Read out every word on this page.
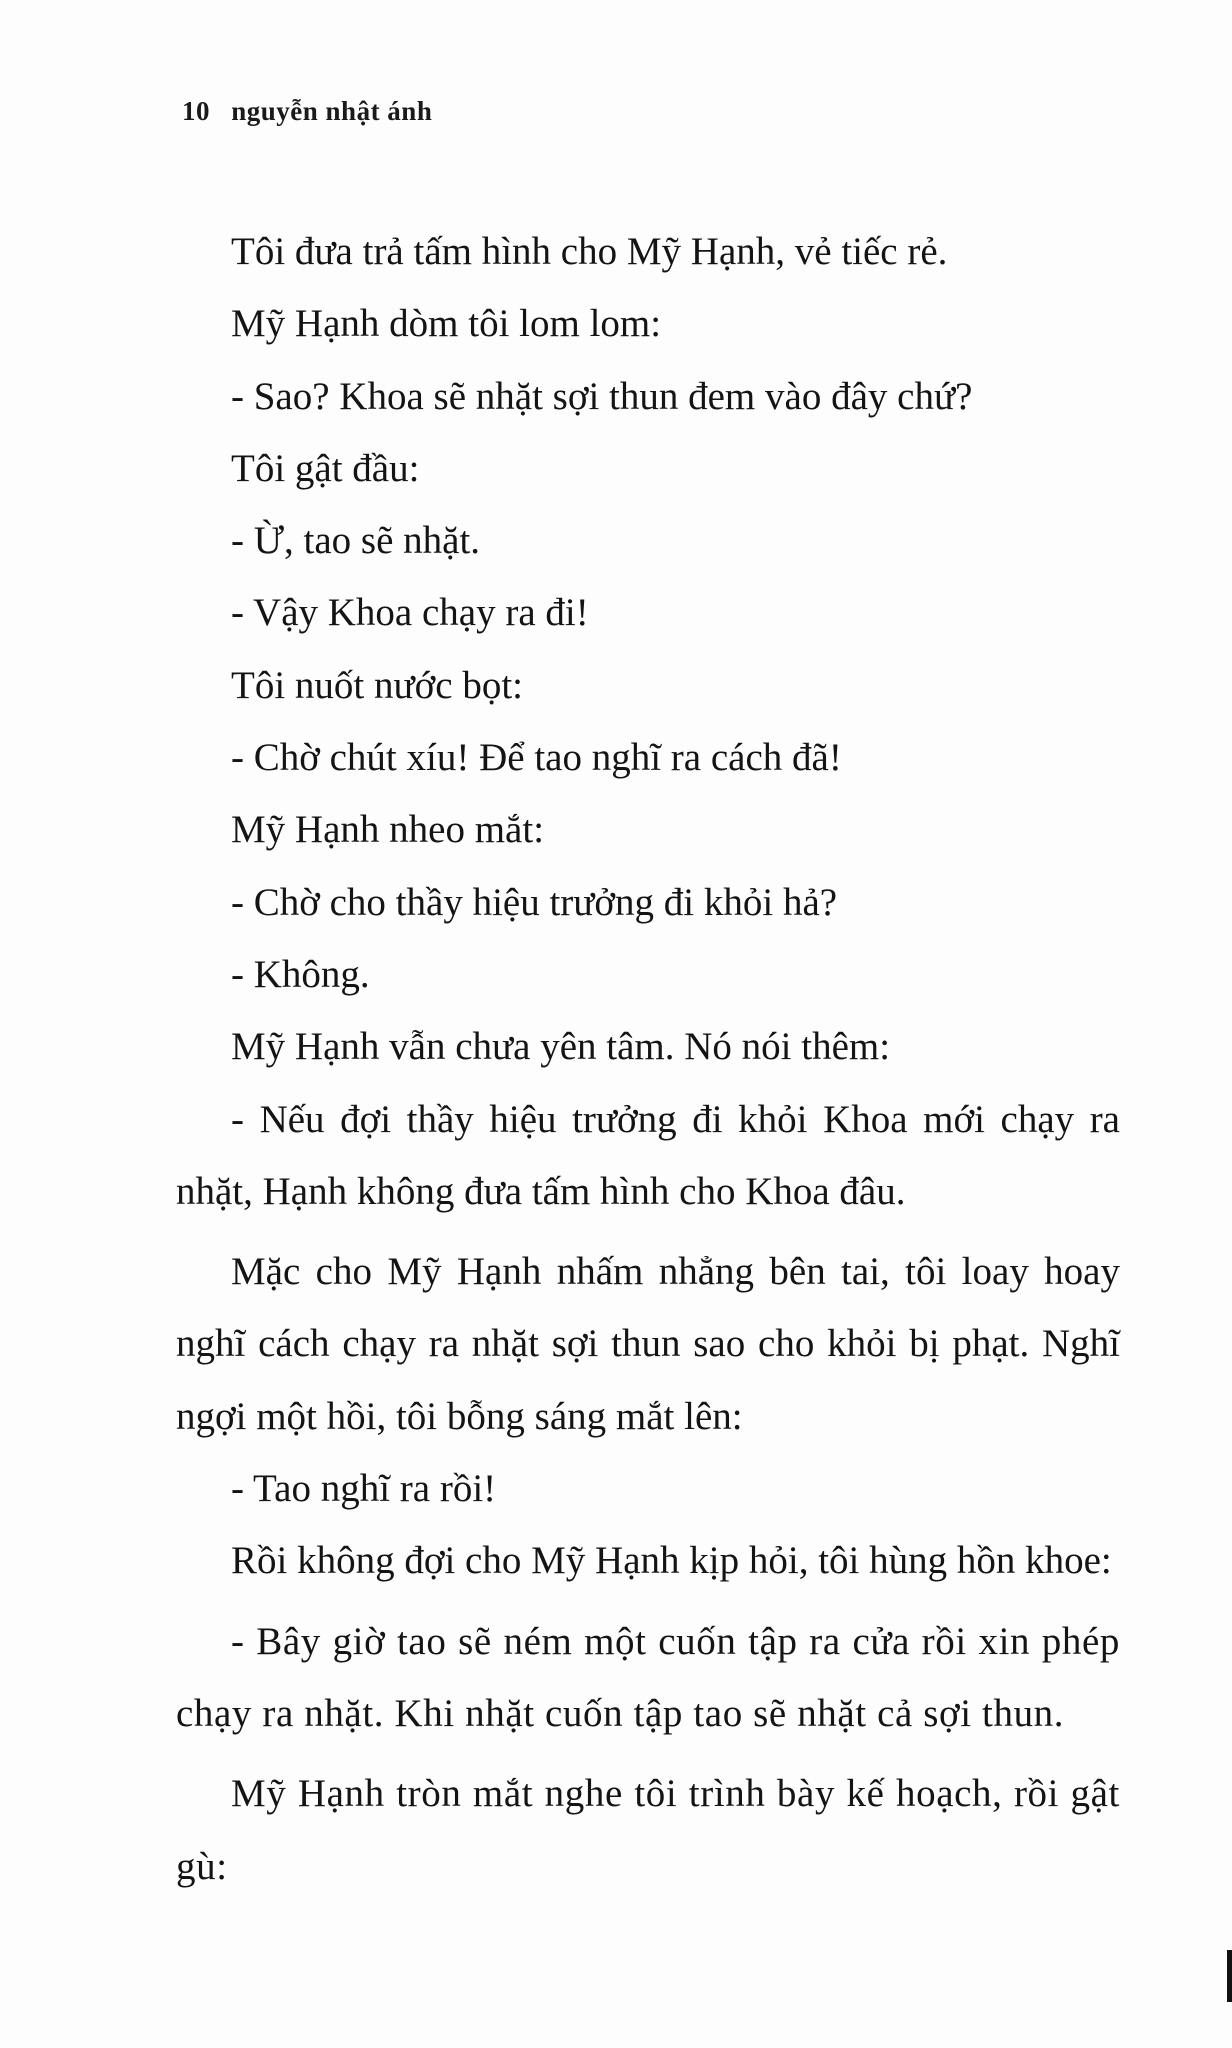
10 nguyễn nhật ánh

Tôi đưa trả tấm hình cho Mỹ Hạnh, vẻ tiếc rẻ.

Mỹ Hạnh dòm tôi lom lom:

- Sao? Khoa sẽ nhặt sợi thun đem vào đây chứ?

Tôi gật đầu:

- Ừ, tao sẽ nhặt.

- Vậy Khoa chạy ra đi!

Tôi nuốt nước bọt:

- Chờ chút xíu! Để tao nghĩ ra cách đã!

Mỹ Hạnh nheo mắt:

- Chờ cho thầy hiệu trưởng đi khỏi hả?

- Không.

Mỹ Hạnh vẫn chưa yên tâm. Nó nói thêm:

- Nếu đợi thầy hiệu trưởng đi khỏi Khoa mới chạy ra nhặt, Hạnh không đưa tấm hình cho Khoa đâu.

Mặc cho Mỹ Hạnh nhấm nhẳng bên tai, tôi loay hoay nghĩ cách chạy ra nhặt sợi thun sao cho khỏi bị phạt. Nghĩ ngợi một hồi, tôi bỗng sáng mắt lên:

- Tao nghĩ ra rồi!

Rồi không đợi cho Mỹ Hạnh kịp hỏi, tôi hùng hồn khoe:

- Bây giờ tao sẽ ném một cuốn tập ra cửa rồi xin phép chạy ra nhặt. Khi nhặt cuốn tập tao sẽ nhặt cả sợi thun.

Mỹ Hạnh tròn mắt nghe tôi trình bày kế hoạch, rồi gật gù:
